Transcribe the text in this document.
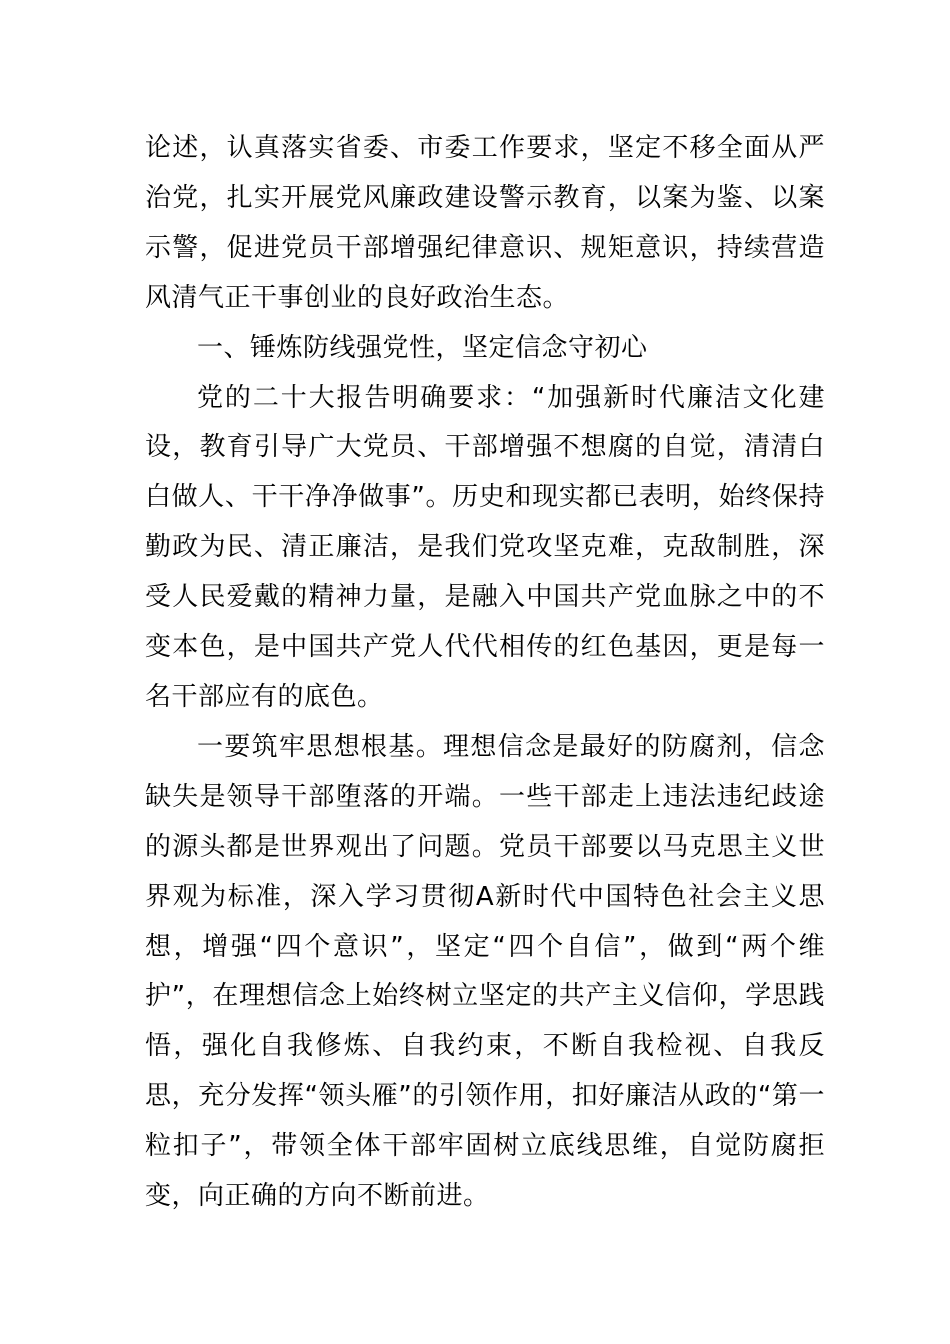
论述，认真落实省委、市委工作要求，坚定不移全面从严治党，扎实开展党风廉政建设警示教育，以案为鉴、以案示警，促进党员干部增强纪律意识、规矩意识，持续营造风清气正干事创业的良好政治生态。

一、锤炼防线强党性，坚定信念守初心

党的二十大报告明确要求：“加强新时代廉洁文化建设，教育引导广大党员、干部增强不想腐的自觉，清清白白做人、干干净净做事”。历史和现实都已表明，始终保持勤政为民、清正廉洁，是我们党攻坚克难，克敌制胜，深受人民爱戴的精神力量，是融入中国共产党血脉之中的不变本色，是中国共产党人代代相传的红色基因，更是每一名干部应有的底色。

一要筑牢思想根基。理想信念是最好的防腐剂，信念缺失是领导干部堕落的开端。一些干部走上违法违纪歧途的源头都是世界观出了问题。党员干部要以马克思主义世界观为标准，深入学习贯彻A新时代中国特色社会主义思想，增强“四个意识”，坚定“四个自信”，做到“两个维护”，在理想信念上始终树立坚定的共产主义信仰，学思践悟，强化自我修炼、自我约束，不断自我检视、自我反思，充分发挥“领头雁”的引领作用，扣好廉洁从政的“第一粒扣子”，带领全体干部牢固树立底线思维，自觉防腐拒变，向正确的方向不断前进。
